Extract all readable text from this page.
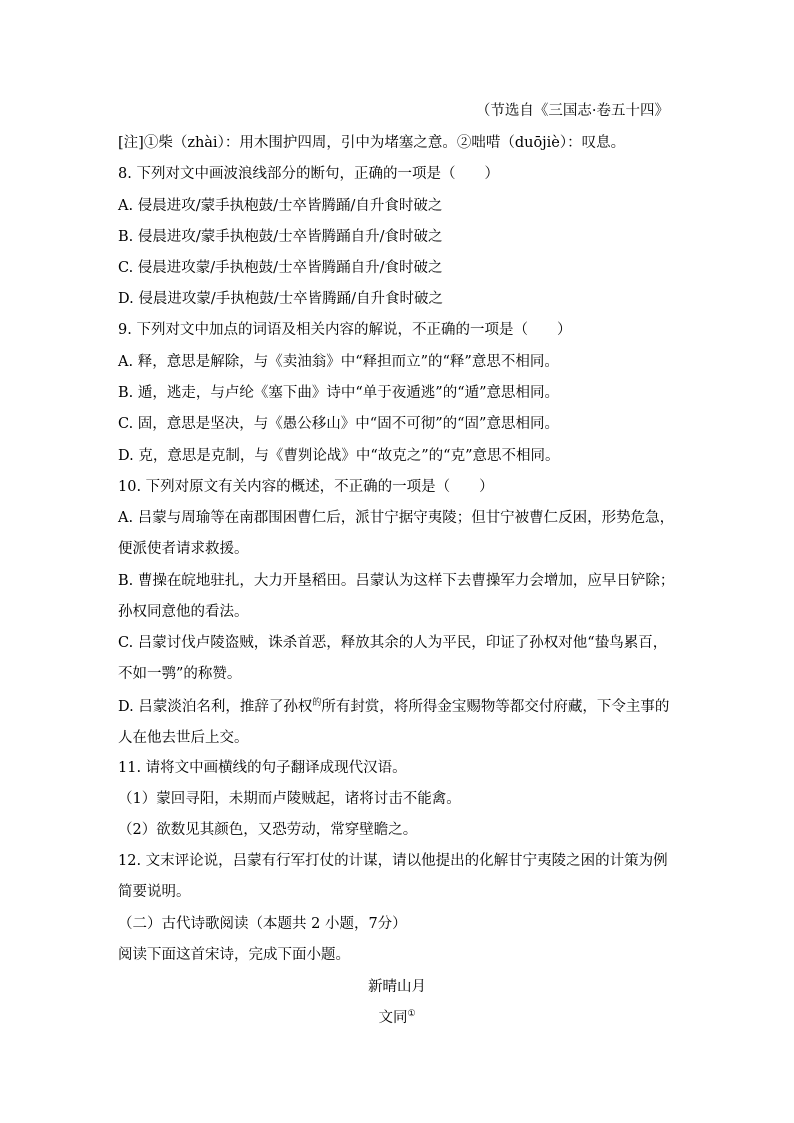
（节选自《三国志·卷五十四》
[注]①柴（zhài）：用木围护四周，引中为堵塞之意。②咄唶（duōjiè）：叹息。
8. 下列对文中画波浪线部分的断句，正确的一项是（　　）
A. 侵晨进攻/蒙手执枹鼓/士卒皆腾踊/自升食时破之
B. 侵晨进攻/蒙手执枹鼓/士卒皆腾踊自升/食时破之
C. 侵晨进攻蒙/手执枹鼓/士卒皆腾踊自升/食时破之
D. 侵晨进攻蒙/手执枹鼓/士卒皆腾踊/自升食时破之
9. 下列对文中加点的词语及相关内容的解说，不正确的一项是（　　）
A. 释，意思是解除，与《卖油翁》中“释担而立”的“释”意思不相同。
B. 遁，逃走，与卢纶《塞下曲》诗中“单于夜遁逃”的“遁”意思相同。
C. 固，意思是坚决，与《愚公移山》中“固不可彻”的“固”意思相同。
D. 克，意思是克制，与《曹刿论战》中“故克之”的“克”意思不相同。
10. 下列对原文有关内容的概述，不正确的一项是（　　）
A. 吕蒙与周瑜等在南郡围困曹仁后，派甘宁据守夷陵；但甘宁被曹仁反困，形势危急，便派使者请求救援。
B. 曹操在皖地驻扎，大力开垦稻田。吕蒙认为这样下去曹操军力会增加，应早日铲除；孙权同意他的看法。
C. 吕蒙讨伐卢陵盗贼，诛杀首恶，释放其余的人为平民，印证了孙权对他“蛰鸟累百，不如一鹗”的称赞。
D. 吕蒙淡泊名利，推辞了孙权$^的$所有封赏，将所得金宝赐物等都交付府藏，下令主事的人在他去世后上交。
11. 请将文中画横线的句子翻译成现代汉语。
（1）蒙回寻阳，未期而卢陵贼起，诸将讨击不能禽。
（2）欲数见其颜色，又恐劳动，常穿壁瞻之。
12. 文末评论说，吕蒙有行军打仗的计谋，请以他提出的化解甘宁夷陵之困的计策为例简要说明。
（二）古代诗歌阅读（本题共 2 小题，7分）
阅读下面这首宋诗，完成下面小题。
新晴山月
文同①
